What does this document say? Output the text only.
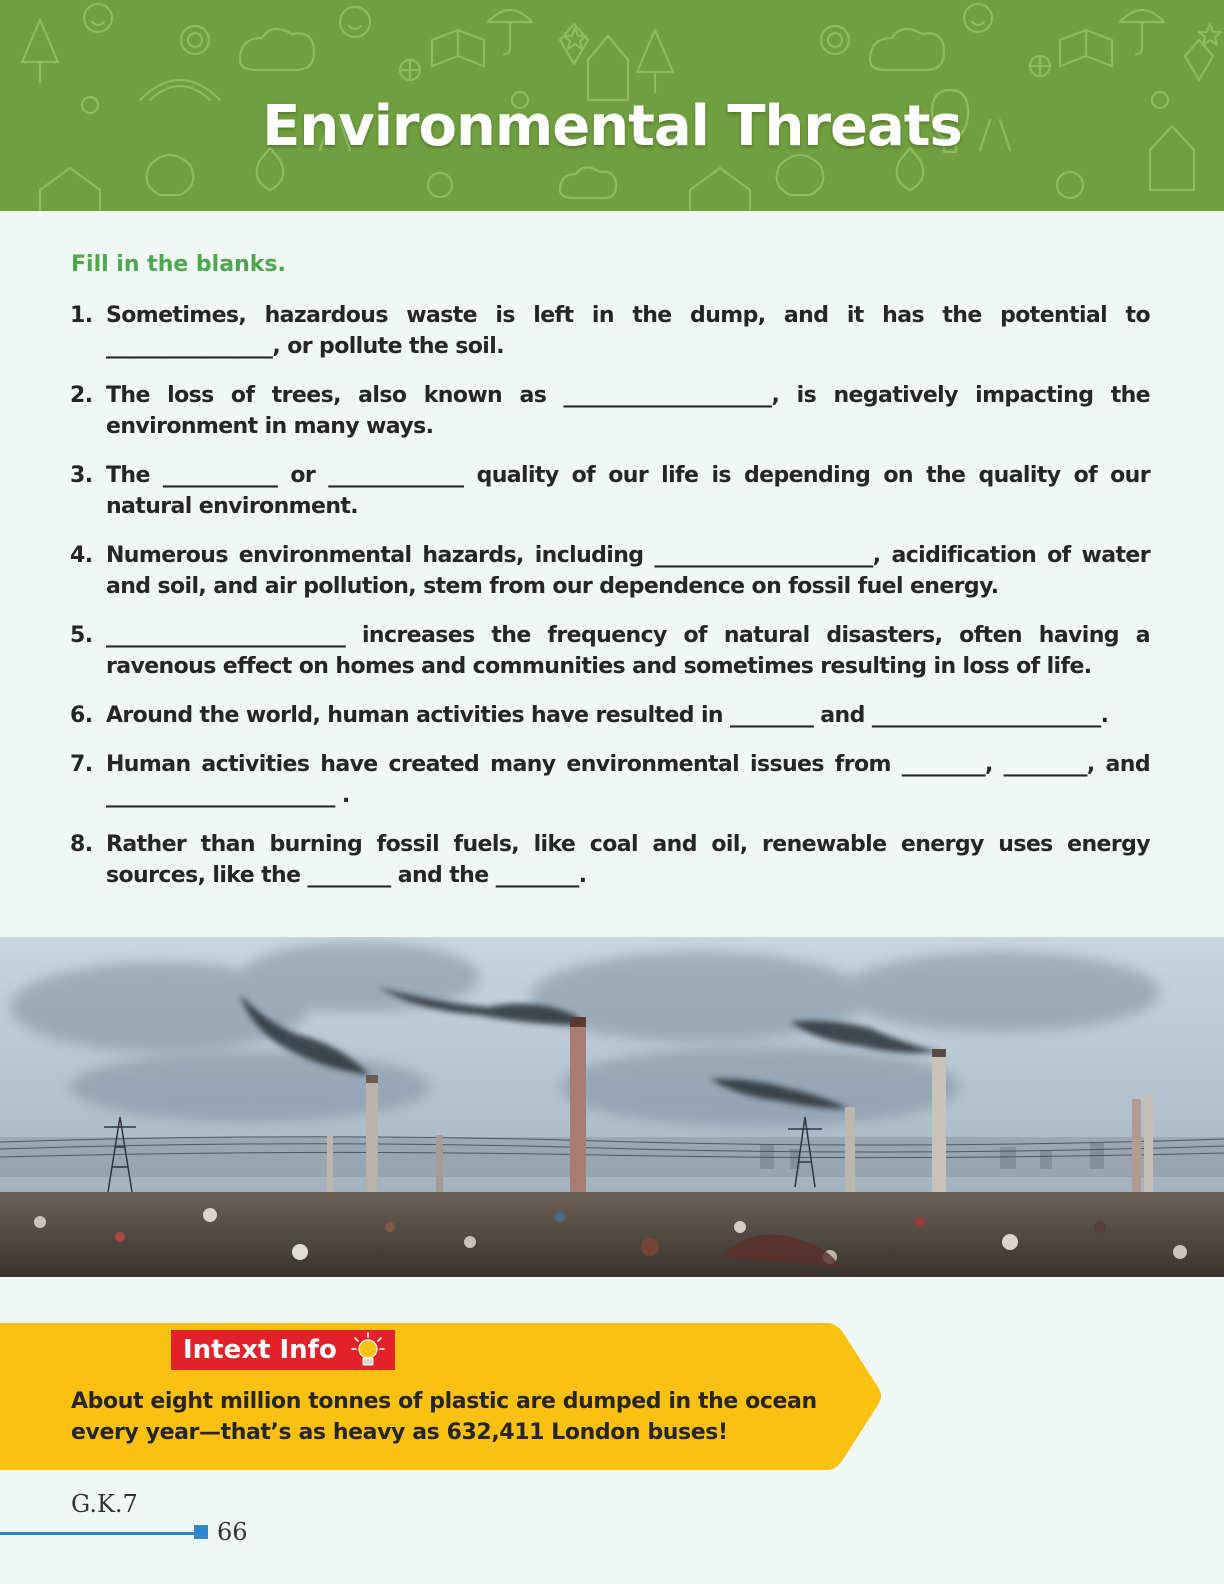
Environmental Threats
Fill in the blanks.
1. Sometimes, hazardous waste is left in the dump, and it has the potential to ________________, or pollute the soil.
2. The loss of trees, also known as ____________________, is negatively impacting the environment in many ways.
3. The ___________ or _____________ quality of our life is depending on the quality of our natural environment.
4. Numerous environmental hazards, including _____________________, acidification of water and soil, and air pollution, stem from our dependence on fossil fuel energy.
5. _______________________ increases the frequency of natural disasters, often having a ravenous effect on homes and communities and sometimes resulting in loss of life.
6. Around the world, human activities have resulted in ________ and ______________________.
7. Human activities have created many environmental issues from ________, ________, and ______________________ .
8. Rather than burning fossil fuels, like coal and oil, renewable energy uses energy sources, like the ________ and the ________.
Intext Info
About eight million tonnes of plastic are dumped in the ocean every year—that’s as heavy as 632,411 London buses!
G.K.7
66
